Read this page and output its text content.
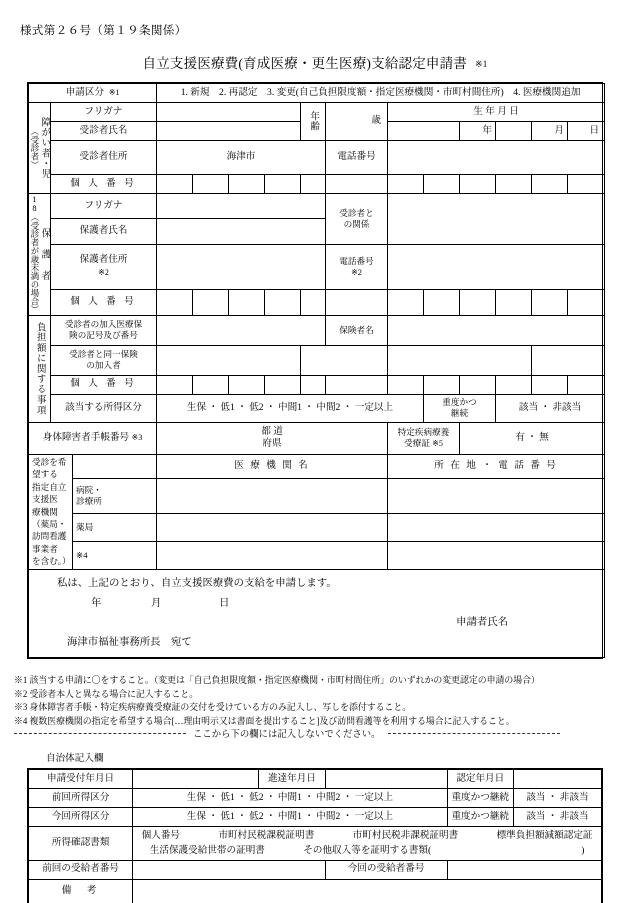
様式第２６号（第１９条関係）
自立支援医療費(育成医療・更生医療)支給認定申請書 ※1
申請区分 ※1			1. 新規　2. 再認定　3. 変更(自己負担限度額・指定医療機関・市町村間住所)　4. 医療機関追加											

（受診者） 障がい者・児	フリガナ						年齢	歳	生 年 月 日					
	受診者氏名										年		月	日
	受診者住所		海津市					電話番号						
	個 人 番 号													

18（受診者が歳未満の場合） 保 護 者	フリガナ							受診者と
の関係						
	保護者氏名													
	保護者住所
※2							電話番号
※2						
	個 人 番 号													

負担額に関する事項	受診者の加入医療保
険の記号及び番号							保険者名						
	受診者と同一保険
の加入者													
	個 人 番 号													
	該当する所得区分		生保 ・ 低1 ・ 低2 ・ 中間1 ・ 中間2 ・ 一定以上							重度かつ
継続		該当 ・ 非該当		
身体障害者手帳番号 ※3			都 道
府県						特定疾病療養
受療証 ※5		有 ・ 無			
受診を希望する
指定自立支援医
療機関（薬局・
訪問看護事業者
を含む。）			医 療 機 関 名						所 在 地 ・ 電 話 番 号					
		病院・
診療所												
		薬局												
		※4												

私は、上記のとおり、自立支援医療費の支給を申請します。
年 月 日
申請者氏名
海津市福祉事務所長　宛て														
※1 該当する申請に〇をすること。（変更は「自己負担限度額・指定医療機関・市町村間住所」のいずれかの変更認定の申請の場合）
※2 受診者本人と異なる場合に記入すること。
※3 身体障害者手帳・特定疾病療養受療証の交付を受けている方のみ記入し、写しを添付すること。
※4 複数医療機関の指定を希望する場合[…理由明示又は書面を提出すること]及び訪問看護等を利用する場合に記入すること。
ここから下の欄には記入しないでください。
自治体記入欄
申請受付年月日		進達年月日		認定年月日	
前回所得区分	生保 ・ 低1 ・ 低2 ・ 中間1 ・ 中間2 ・ 一定以上			重度かつ継続	該当 ・ 非該当
今回所得区分	生保 ・ 低1 ・ 低2 ・ 中間1 ・ 中間2 ・ 一定以上			重度かつ継続	該当 ・ 非該当
所得確認書類	個人番号　　　　市町村民税課税証明書　　　　市町村民税非課税証明書　　　　標準負担額減額認定証
生活保護受給世帯の証明書　　　　その他収入等を証明する書類( )				

前回の受給者番号			今回の受給者番号		
備　考					
